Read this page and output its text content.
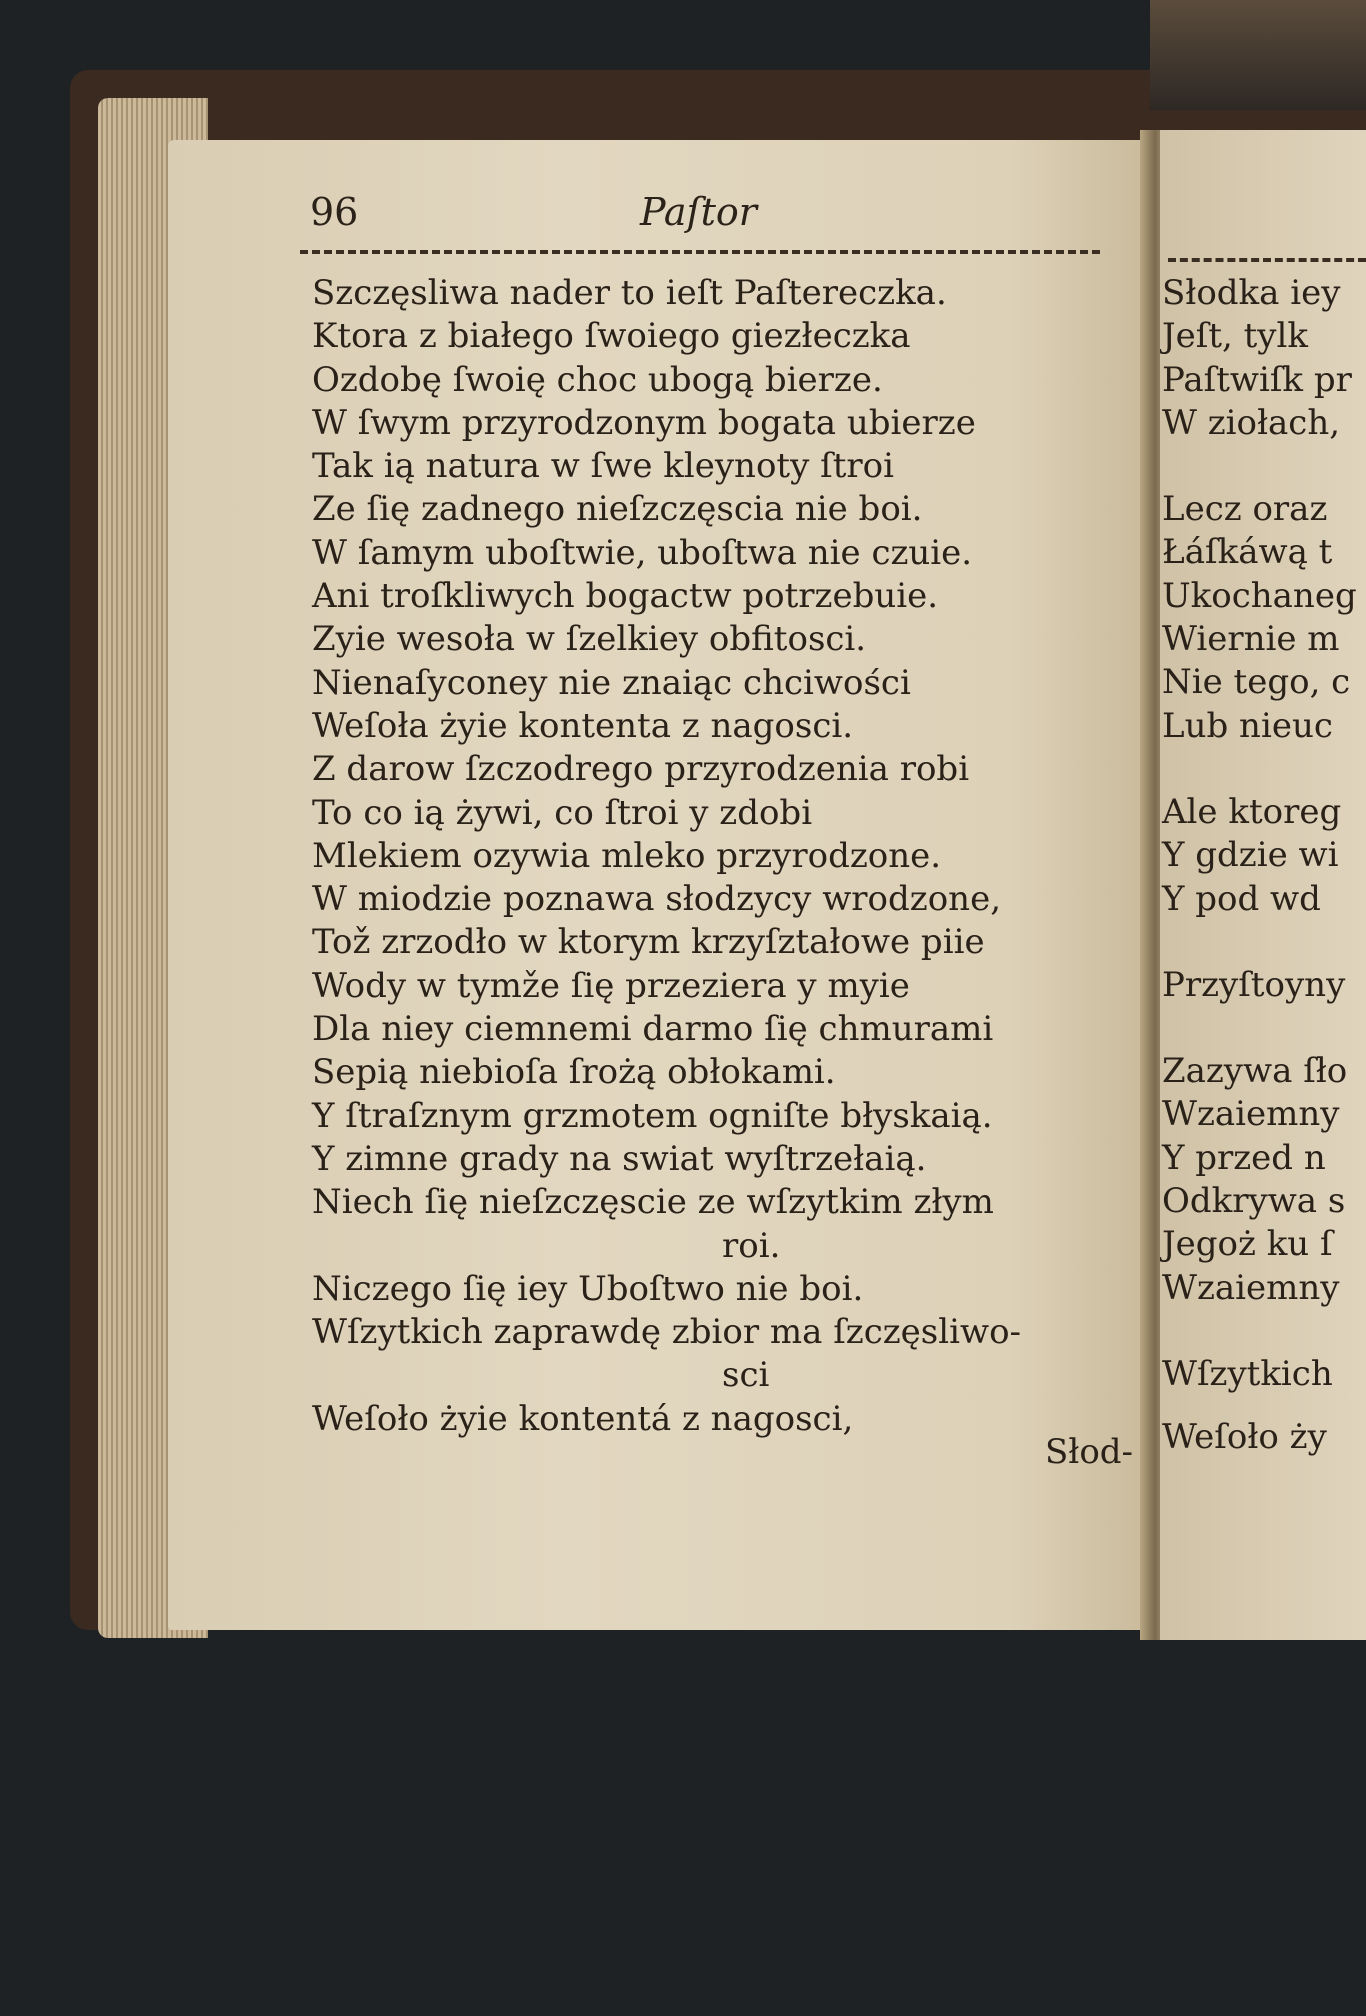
96	Paſtor
Szczęsliwa nader to ieſt Paſtereczka.
Ktora z białego ſwoiego giezłeczka
Ozdobę ſwoię choc ubogą bierze.
W ſwym przyrodzonym bogata ubierze
Tak ią natura w ſwe kleynoty ſtroi
Ze ſię zadnego nieſzczęscia nie boi.
W ſamym uboſtwie, uboſtwa nie czuie.
Ani troſkliwych bogactw potrzebuie.
Zyie wesoła w ſzelkiey obfitosci.
Nienaſyconey nie znaiąc chciwości
Weſoła żyie kontenta z nagosci.
Z darow ſzczodrego przyrodzenia robi
To co ią żywi, co ſtroi y zdobi
Mlekiem ozywia mleko przyrodzone.
W miodzie poznawa słodzycy wrodzone,
Tož zrzodło w ktorym krzyſztałowe piie
Wody w tymže ſię przeziera y myie
Dla niey ciemnemi darmo ſię chmurami
Sepią niebioſa ſrożą obłokami.
Y ſtraſznym grzmotem ogniſte błyskaią.
Y zimne grady na swiat wyſtrzełaią.
Niech ſię nieſzczęscie ze wſzytkim złym
roi.
Niczego ſię iey Uboſtwo nie boi.
Wſzytkich zaprawdę zbior ma ſzczęsliwo-
sci
Weſoło żyie kontentá z nagosci,
Słod-
Słodka iey
Jeſt, tylk
Paſtwiſk pr
W ziołach,
Lecz oraz
Łáſkáwą t
Ukochaneg
Wiernie m
Nie tego, c
Lub nieuc
Ale ktoreg
Y gdzie wi
Y pod wd
Przyſtoyny
Zazywa ſło
Wzaiemny
Y przed n
Odkrywa s
Jegoż ku ſ
Wzaiemny
Wſzytkich
Weſoło ży
